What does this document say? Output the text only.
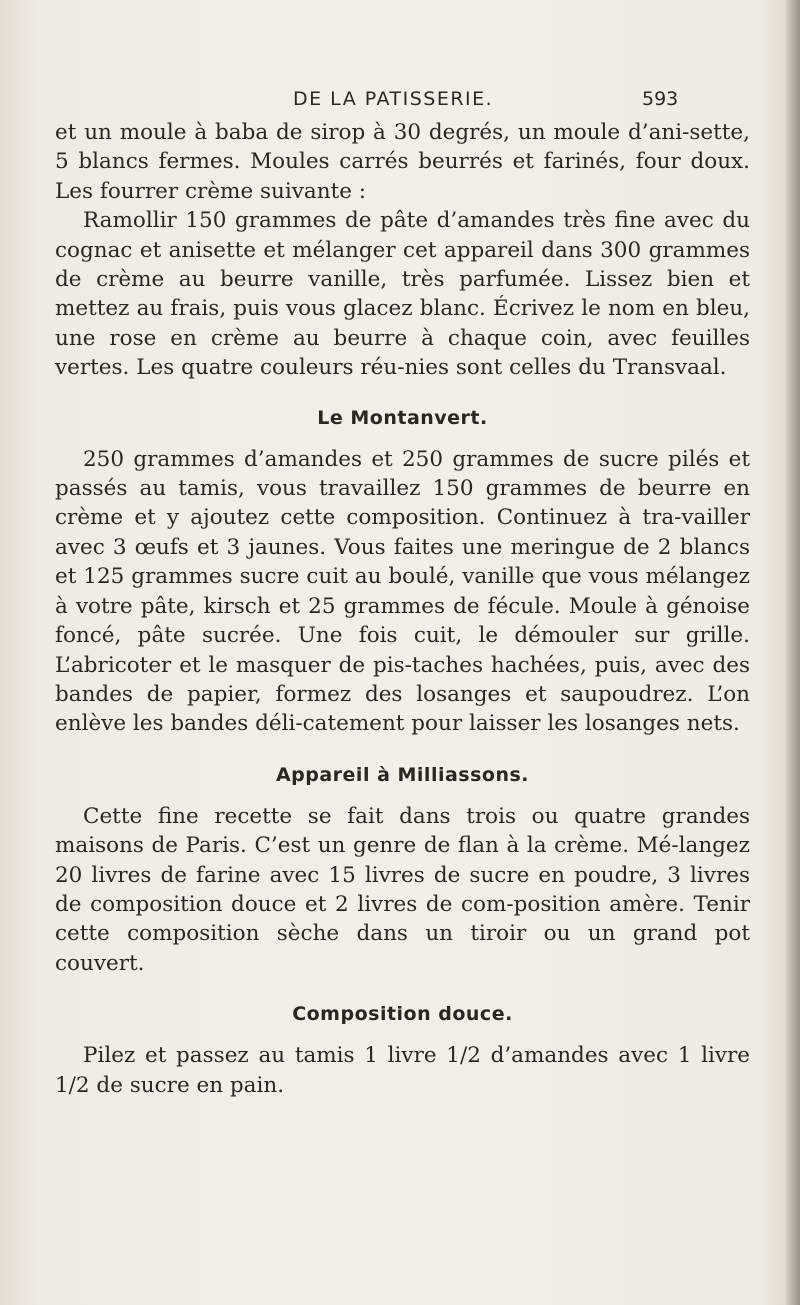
DE LA PATISSERIE.	593

et un moule à baba de sirop à 30 degrés, un moule d’ani-sette, 5 blancs fermes. Moules carrés beurrés et farinés, four doux. Les fourrer crème suivante :

Ramollir 150 grammes de pâte d’amandes très fine avec du cognac et anisette et mélanger cet appareil dans 300 grammes de crème au beurre vanille, très parfumée. Lissez bien et mettez au frais, puis vous glacez blanc. Écrivez le nom en bleu, une rose en crème au beurre à chaque coin, avec feuilles vertes. Les quatre couleurs réu-nies sont celles du Transvaal.

Le Montanvert.

250 grammes d’amandes et 250 grammes de sucre pilés et passés au tamis, vous travaillez 150 grammes de beurre en crème et y ajoutez cette composition. Continuez à tra-vailler avec 3 œufs et 3 jaunes. Vous faites une meringue de 2 blancs et 125 grammes sucre cuit au boulé, vanille que vous mélangez à votre pâte, kirsch et 25 grammes de fécule. Moule à génoise foncé, pâte sucrée. Une fois cuit, le démouler sur grille. L’abricoter et le masquer de pis-taches hachées, puis, avec des bandes de papier, formez des losanges et saupoudrez. L’on enlève les bandes déli-catement pour laisser les losanges nets.

Appareil à Milliassons.

Cette fine recette se fait dans trois ou quatre grandes maisons de Paris. C’est un genre de flan à la crème. Mé-langez 20 livres de farine avec 15 livres de sucre en poudre, 3 livres de composition douce et 2 livres de com-position amère. Tenir cette composition sèche dans un tiroir ou un grand pot couvert.

Composition douce.

Pilez et passez au tamis 1 livre 1/2 d’amandes avec 1 livre 1/2 de sucre en pain.
